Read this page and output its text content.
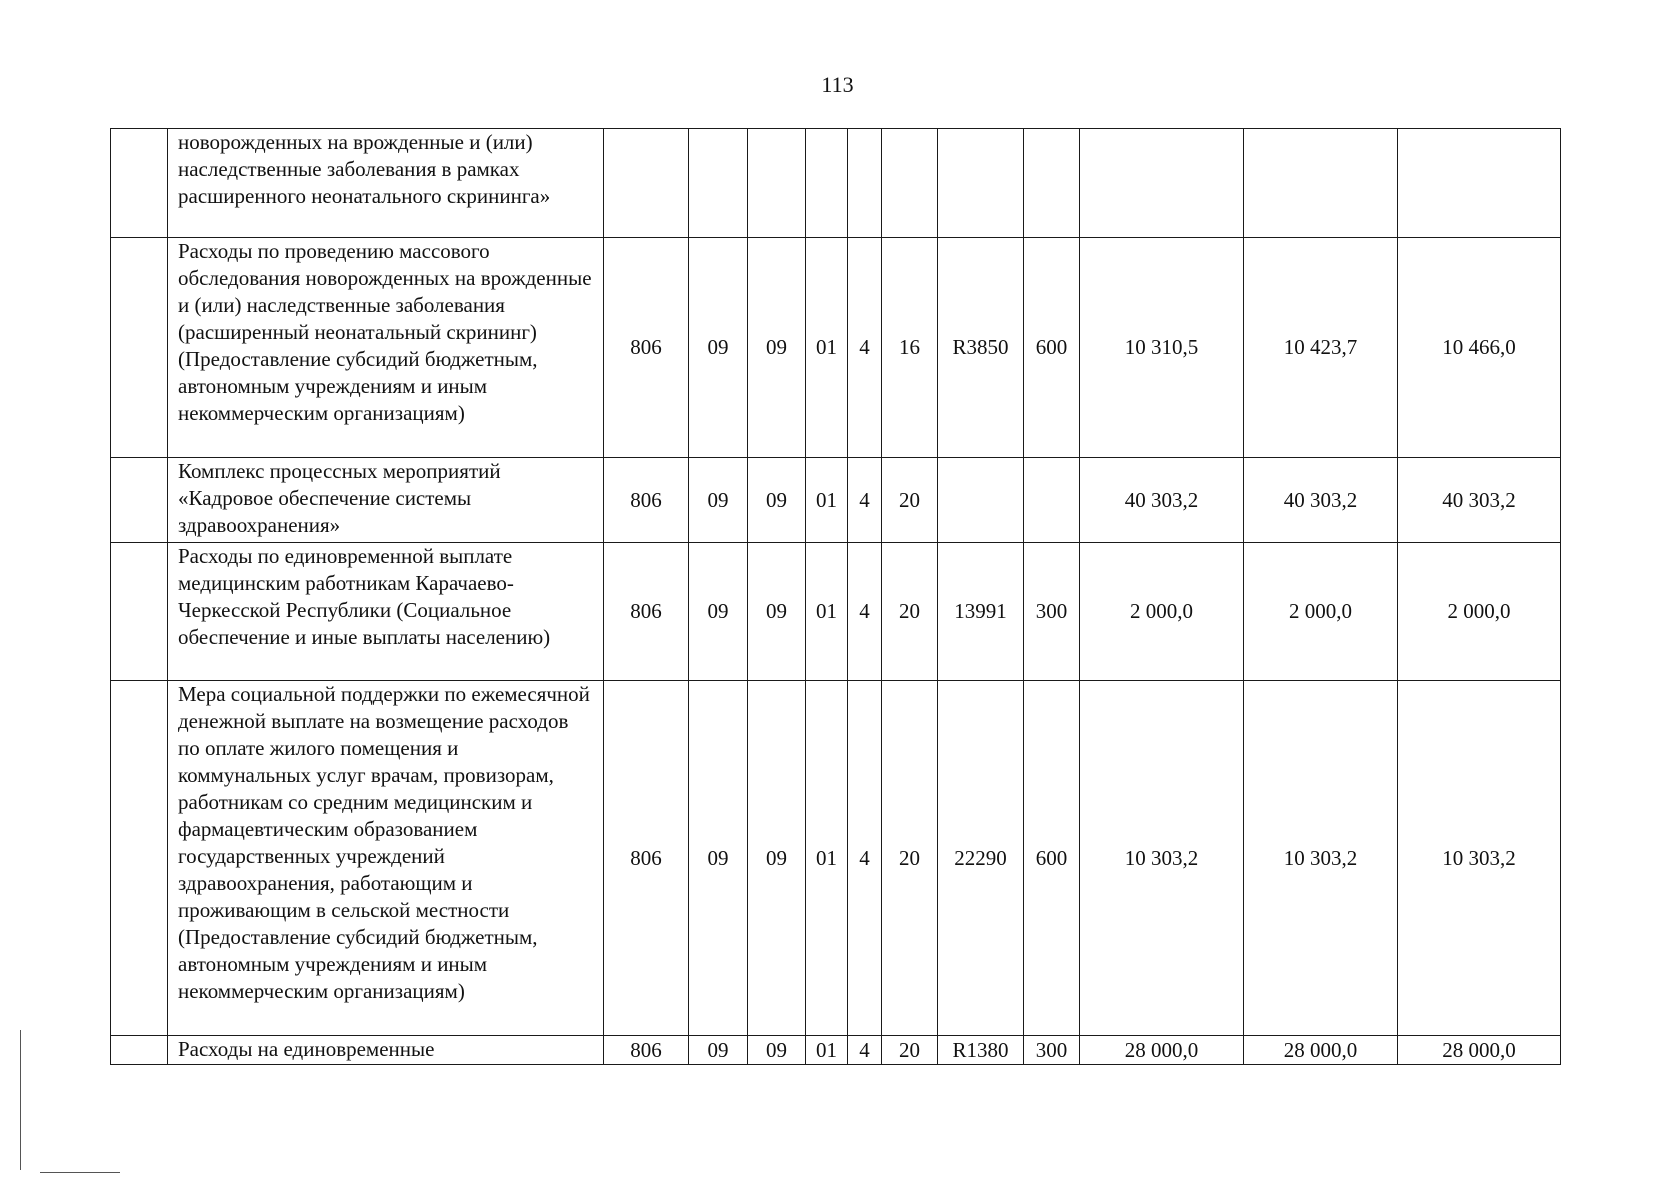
113
	новорожденных на врожденные и (или) наследственные заболевания в рамках расширенного неонатального скрининга»											
	Расходы по проведению массового обследования новорожденных на врожденные и (или) наследственные заболевания (расширенный неонатальный скрининг) (Предоставление субсидий бюджетным, автономным учреждениям и иным некоммерческим организациям)	806	09	09	01	4	16	R3850	600	10 310,5	10 423,7	10 466,0
	Комплекс процессных мероприятий «Кадровое обеспечение системы здравоохранения»	806	09	09	01	4	20			40 303,2	40 303,2	40 303,2
	Расходы по единовременной выплате медицинским работникам Карачаево-Черкесской Республики (Социальное обеспечение и иные выплаты населению)	806	09	09	01	4	20	13991	300	2 000,0	2 000,0	2 000,0
	Мера социальной поддержки по ежемесячной денежной выплате на возмещение расходов по оплате жилого помещения и коммунальных услуг врачам, провизорам, работникам со средним медицинским и фармацевтическим образованием государственных учреждений здравоохранения, работающим и проживающим в сельской местности (Предоставление субсидий бюджетным, автономным учреждениям и иным некоммерческим организациям)	806	09	09	01	4	20	22290	600	10 303,2	10 303,2	10 303,2
	Расходы на единовременные	806	09	09	01	4	20	R1380	300	28 000,0	28 000,0	28 000,0
